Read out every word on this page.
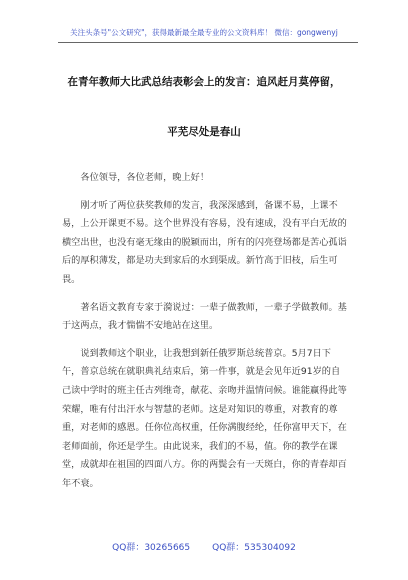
关注头条号"公文研究"，获得最新最全最专业的公文资料库！ 微信：gongwenyj
在青年教师大比武总结表彰会上的发言：追风赶月莫停留，
平芜尽处是春山

各位领导，各位老师，晚上好！

刚才听了两位获奖教师的发言，我深深感到，备课不易，上课不易，上公开课更不易。这个世界没有容易，没有速成，没有平白无故的横空出世，也没有毫无缘由的脱颖而出，所有的闪亮登场都是苦心孤诣后的厚积薄发，都是功夫到家后的水到渠成。新竹高于旧枝，后生可畏。

著名语文教育专家于漪说过：一辈子做教师，一辈子学做教师。基于这两点，我才惴惴不安地站在这里。

说到教师这个职业，让我想到新任俄罗斯总统普京。5月7日下午，普京总统在就职典礼结束后，第一件事，就是会见年近91岁的自己读中学时的班主任古列维奇，献花、亲吻并温情问候。谁能赢得此等荣耀，唯有付出汗水与智慧的老师。这是对知识的尊重，对教育的尊重，对老师的感恩。任你位高权重，任你满腹经纶，任你富甲天下，在老师面前，你还是学生。由此说来，我们的不易，值。你的教学在课堂，成就却在祖国的四面八方。你的两鬓会有一天斑白，你的青春却百年不衰。

QQ群：30265665 QQ群：535304092
